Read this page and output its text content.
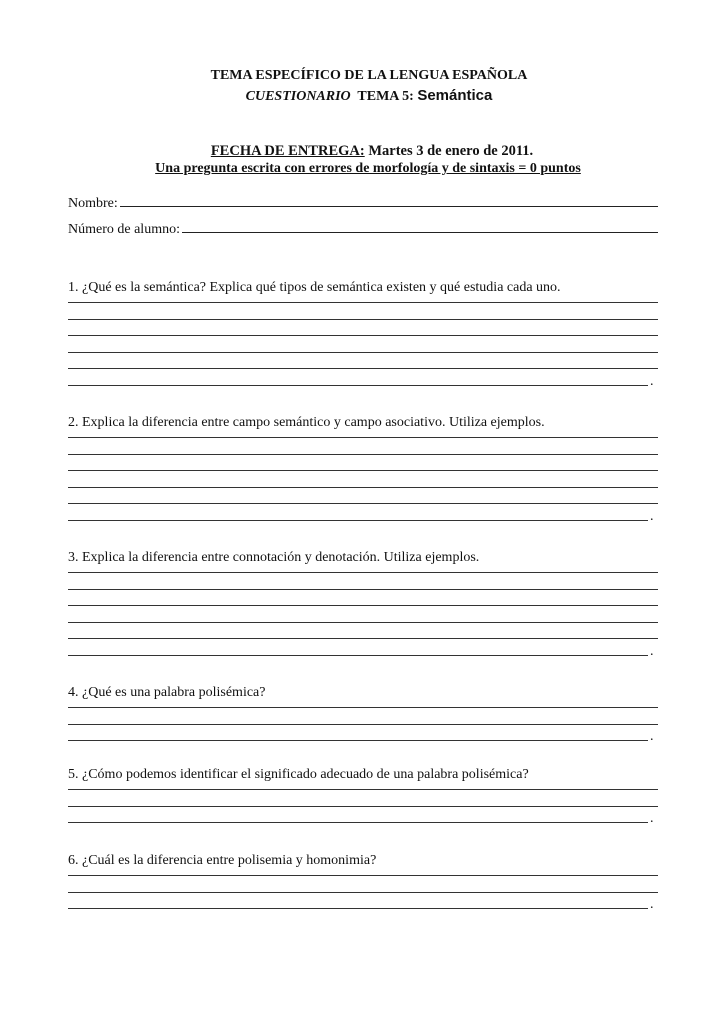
TEMA ESPECÍFICO DE LA LENGUA ESPAÑOLA
CUESTIONARIO TEMA 5: Semántica
FECHA DE ENTREGA: Martes 3 de enero de 2011.
Una pregunta escrita con errores de morfología y de sintaxis = 0 puntos
Nombre:
Número de alumno:
1. ¿Qué es la semántica? Explica qué tipos de semántica existen y qué estudia cada uno.
.
2. Explica la diferencia entre campo semántico y campo asociativo. Utiliza ejemplos.
.
3. Explica la diferencia entre connotación y denotación. Utiliza ejemplos.
.
4. ¿Qué es una palabra polisémica?
.
5. ¿Cómo podemos identificar el significado adecuado de una palabra polisémica?
.
6. ¿Cuál es la diferencia entre polisemia y homonimia?
.
